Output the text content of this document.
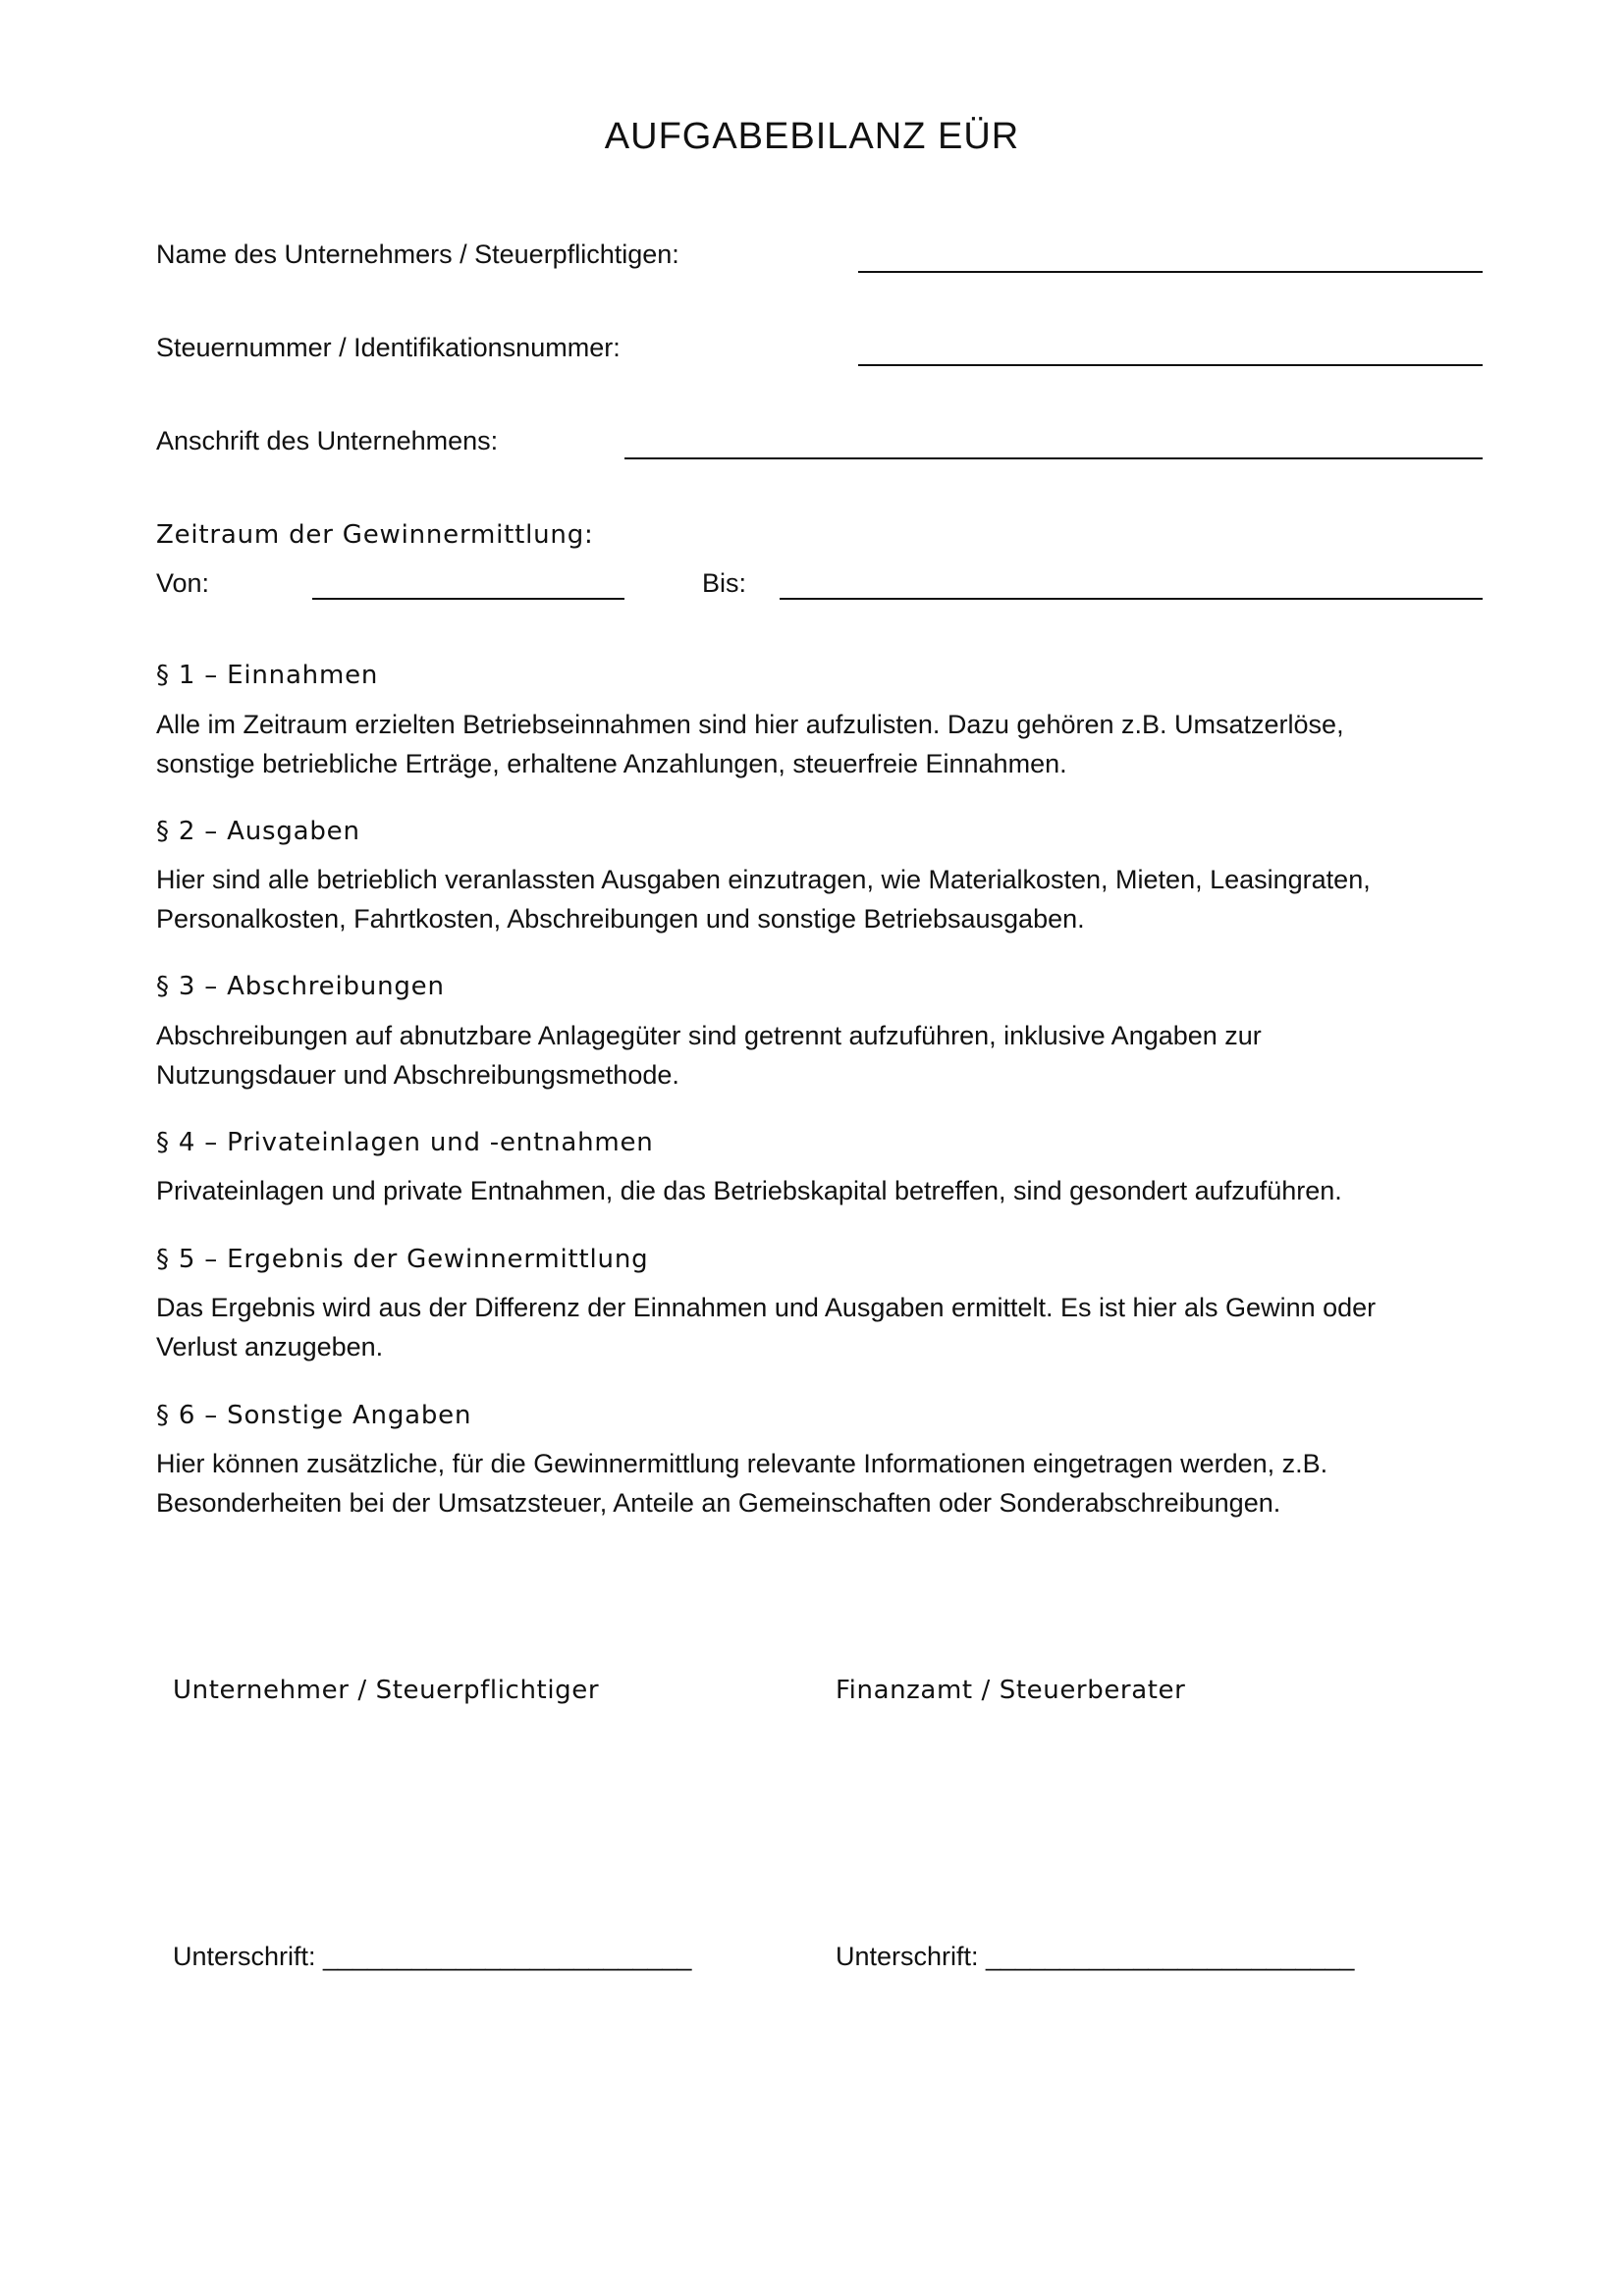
AUFGABEBILANZ EÜR
Name des Unternehmers / Steuerpflichtigen:
Steuernummer / Identifikationsnummer:
Anschrift des Unternehmens:
Zeitraum der Gewinnermittlung:
Von:	Bis:
§ 1 – Einnahmen
Alle im Zeitraum erzielten Betriebseinnahmen sind hier aufzulisten. Dazu gehören z.B. Umsatzerlöse,
sonstige betriebliche Erträge, erhaltene Anzahlungen, steuerfreie Einnahmen.
§ 2 – Ausgaben
Hier sind alle betrieblich veranlassten Ausgaben einzutragen, wie Materialkosten, Mieten, Leasingraten,
Personalkosten, Fahrtkosten, Abschreibungen und sonstige Betriebsausgaben.
§ 3 – Abschreibungen
Abschreibungen auf abnutzbare Anlagegüter sind getrennt aufzuführen, inklusive Angaben zur
Nutzungsdauer und Abschreibungsmethode.
§ 4 – Privateinlagen und -entnahmen
Privateinlagen und private Entnahmen, die das Betriebskapital betreffen, sind gesondert aufzuführen.
§ 5 – Ergebnis der Gewinnermittlung
Das Ergebnis wird aus der Differenz der Einnahmen und Ausgaben ermittelt. Es ist hier als Gewinn oder
Verlust anzugeben.
§ 6 – Sonstige Angaben
Hier können zusätzliche, für die Gewinnermittlung relevante Informationen eingetragen werden, z.B.
Besonderheiten bei der Umsatzsteuer, Anteile an Gemeinschaften oder Sonderabschreibungen.
Unternehmer / Steuerpflichtiger	Finanzamt / Steuerberater
Unterschrift: _________________________	Unterschrift: _________________________
